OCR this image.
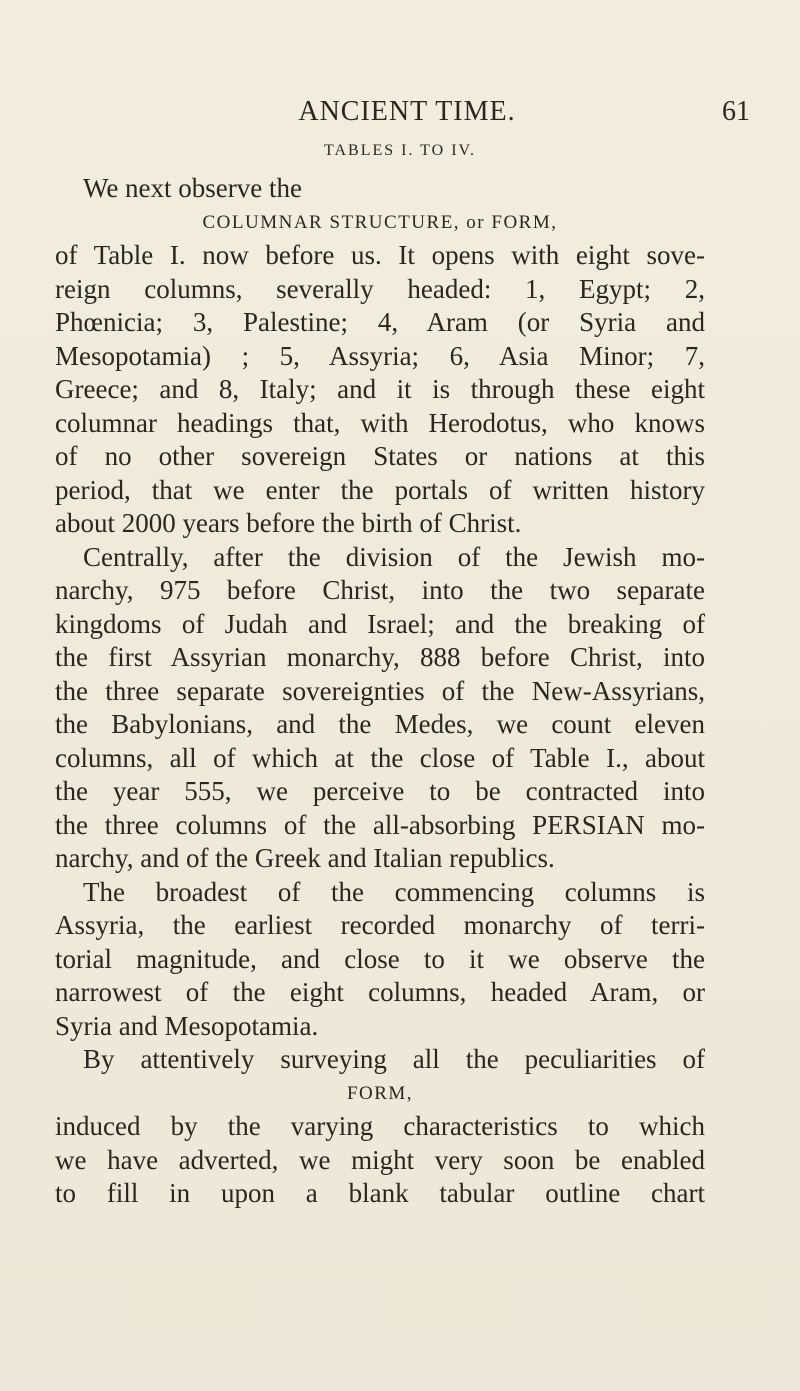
ANCIENT TIME.	61
TABLES I. TO IV.
We next observe the
COLUMNAR STRUCTURE, or FORM,
of Table I. now before us. It opens with eight sove-
reign columns, severally headed: 1, Egypt; 2,
Phœnicia; 3, Palestine; 4, Aram (or Syria and
Mesopotamia) ; 5, Assyria; 6, Asia Minor; 7,
Greece; and 8, Italy; and it is through these eight
columnar headings that, with Herodotus, who knows
of no other sovereign States or nations at this
period, that we enter the portals of written history
about 2000 years before the birth of Christ.
Centrally, after the division of the Jewish mo-
narchy, 975 before Christ, into the two separate
kingdoms of Judah and Israel; and the breaking of
the first Assyrian monarchy, 888 before Christ, into
the three separate sovereignties of the New-Assyrians,
the Babylonians, and the Medes, we count eleven
columns, all of which at the close of Table I., about
the year 555, we perceive to be contracted into
the three columns of the all-absorbing PERSIAN mo-
narchy, and of the Greek and Italian republics.
The broadest of the commencing columns is
Assyria, the earliest recorded monarchy of terri-
torial magnitude, and close to it we observe the
narrowest of the eight columns, headed Aram, or
Syria and Mesopotamia.
By attentively surveying all the peculiarities of
FORM,
induced by the varying characteristics to which
we have adverted, we might very soon be enabled
to fill in upon a blank tabular outline chart
